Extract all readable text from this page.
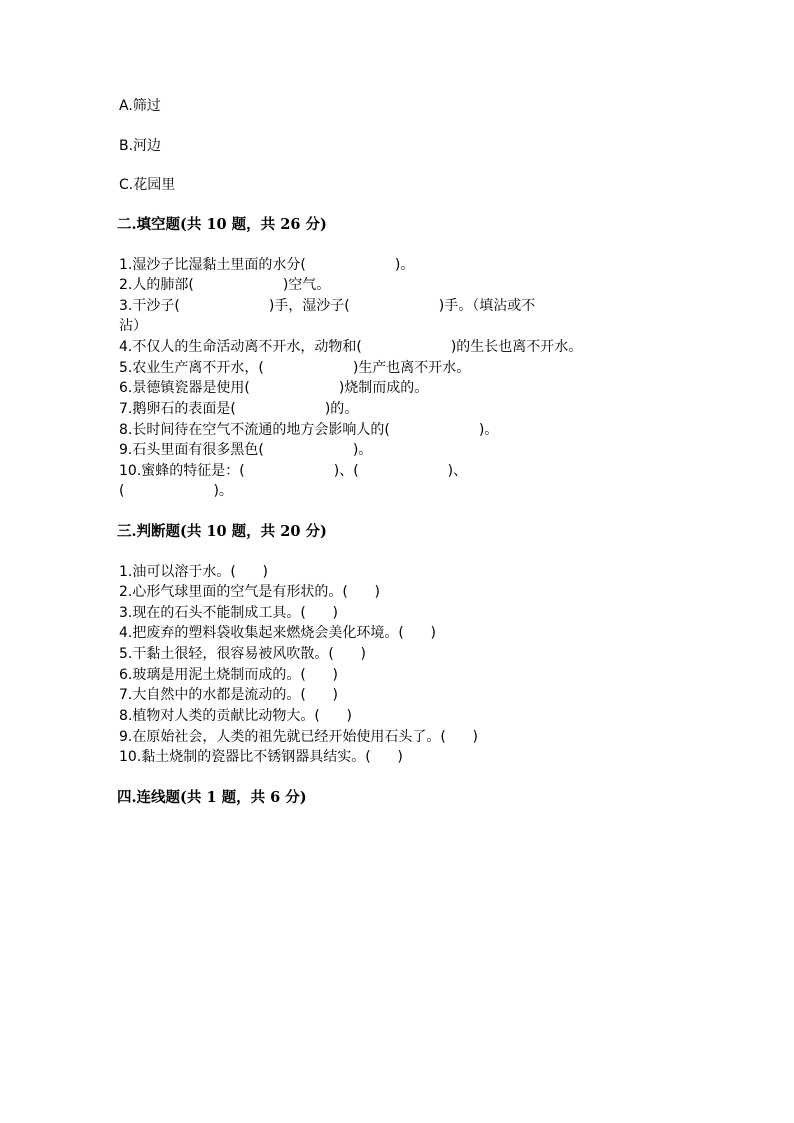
A.筛过
B.河边
C.花园里
二.填空题(共 10 题，共 26 分)
1.湿沙子比湿黏土里面的水分(                    )。
2.人的肺部(                    )空气。
3.干沙子(                    )手，湿沙子(                    )手。（填沾或不
沾）
4.不仅人的生命活动离不开水，动物和(                    )的生长也离不开水。
5.农业生产离不开水，(                    )生产也离不开水。
6.景德镇瓷器是使用(                    )烧制而成的。
7.鹅卵石的表面是(                    )的。
8.长时间待在空气不流通的地方会影响人的(                    )。
9.石头里面有很多黑色(                    )。
10.蜜蜂的特征是：(                    )、(                    )、
(                    )。
三.判断题(共 10 题，共 20 分)
1.油可以溶于水。(      )
2.心形气球里面的空气是有形状的。(      )
3.现在的石头不能制成工具。(      )
4.把废弃的塑料袋收集起来燃烧会美化环境。(      )
5.干黏土很轻，很容易被风吹散。(      )
6.玻璃是用泥土烧制而成的。(      )
7.大自然中的水都是流动的。(      )
8.植物对人类的贡献比动物大。(      )
9.在原始社会，人类的祖先就已经开始使用石头了。(      )
10.黏土烧制的瓷器比不锈钢器具结实。(      )
四.连线题(共 1 题，共 6 分)
